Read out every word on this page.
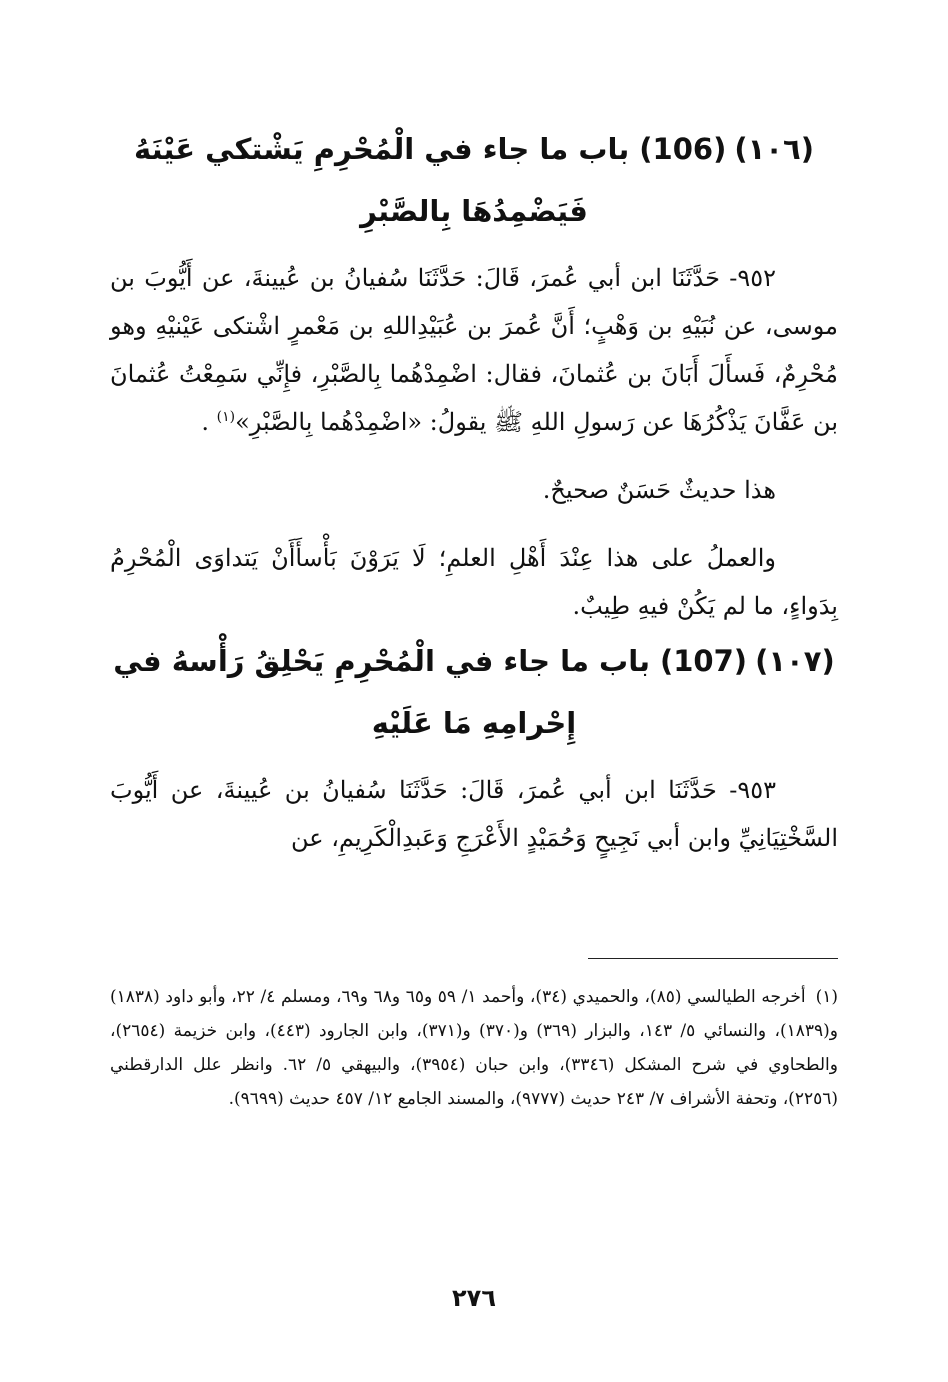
(١٠٦)(106)باب ما جاء في الْمُحْرِمِ يَشْتكي عَيْنَهُ فَيَضْمِدُهَا بِالصَّبْرِ

٩٥٢- حَدَّثَنَا ابن أبي عُمرَ، قَالَ: حَدَّثَنَا سُفيانُ بن عُيينةَ، عن أَيُّوبَ بن موسى، عن نُبَيْهِ بن وَهْبٍ؛ أَنَّ عُمرَ بن عُبَيْدِاللهِ بن مَعْمرٍ اشْتكى عَيْنيْهِ وهو مُحْرِمٌ، فَسأَلَ أَبَانَ بن عُثمانَ، فقال: اضْمِدْهُما بِالصَّبْرِ، فإِنِّي سَمِعْتُ عُثمانَ بن عَفَّانَ يَذْكُرُهَا عن رَسولِ اللهِ ﷺ يقولُ: «اضْمِدْهُما بِالصَّبْرِ»$^{(١)}$ .

هذا حديثٌ حَسَنٌ صحيحٌ.

والعملُ على هذا عِنْدَ أَهْلِ العلمِ؛ لَا يَرَوْنَ بَأْسأَأَنْ يَتداوَى الْمُحْرِمُ بِدَواءٍ، ما لم يَكُنْ فيهِ طِيبٌ.

(١٠٧)(107)باب ما جاء في الْمُحْرِمِ يَحْلِقُ رَأْسهُ في إِحْرامِهِ مَا عَلَيْهِ

٩٥٣- حَدَّثَنَا ابن أبي عُمرَ، قَالَ: حَدَّثَنَا سُفيانُ بن عُيينةَ، عن أَيُّوبَ السَّخْتِيَانِيِّ وابن أبي نَجِيحٍ وَحُمَيْدٍ الأَعْرَجِ وَعَبدِالْكَرِيمِ، عن

(١)أخرجه الطيالسي (٨٥)، والحميدي (٣٤)، وأحمد ١/ ٥٩ و٦٥ و٦٨ و٦٩، ومسلم ٤/ ٢٢، وأبو داود (١٨٣٨) و(١٨٣٩)، والنسائي ٥/ ١٤٣، والبزار (٣٦٩) و(٣٧٠) و(٣٧١)، وابن الجارود (٤٤٣)، وابن خزيمة (٢٦٥٤)، والطحاوي في شرح المشكل (٣٣٤٦)، وابن حبان (٣٩٥٤)، والبيهقي ٥/ ٦٢. وانظر علل الدارقطني (٢٢٥٦)، وتحفة الأشراف ٧/ ٢٤٣ حديث (٩٧٧٧)، والمسند الجامع ١٢/ ٤٥٧ حديث (٩٦٩٩).
٢٧٦
